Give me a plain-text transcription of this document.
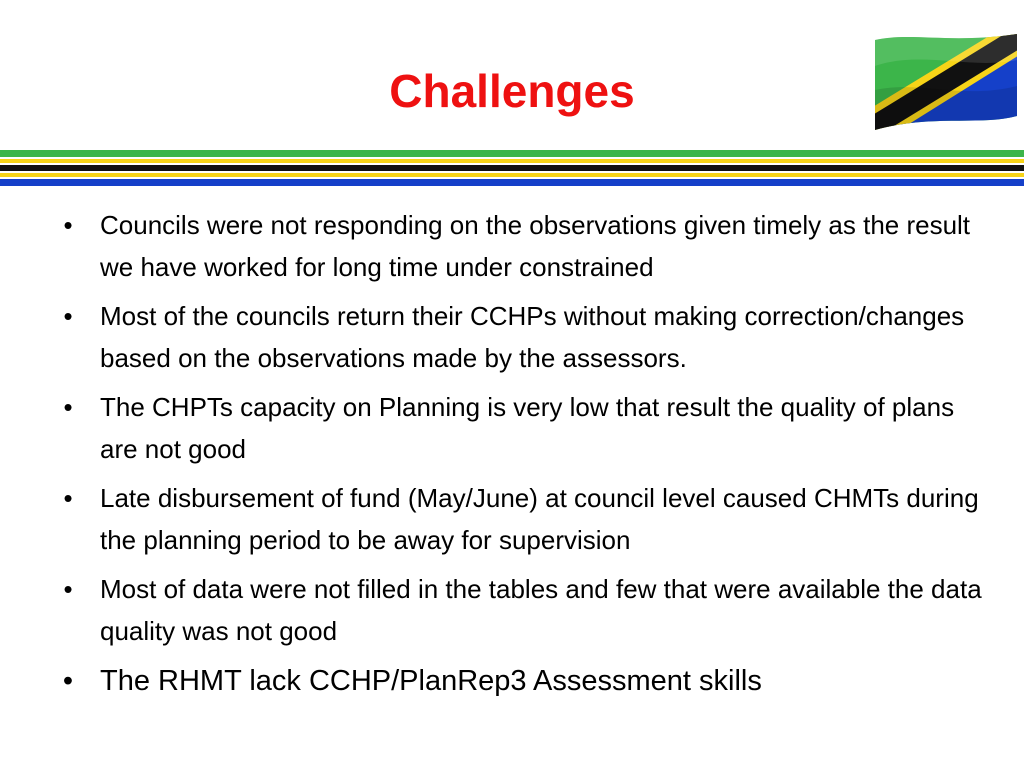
Challenges
• Councils were not responding on the observations given timely as the result we have worked for long time under constrained
• Most of the councils return their CCHPs without making correction/changes based on the observations made by the assessors.
• The CHPTs capacity on Planning is very low that result the quality of plans are not good
• Late disbursement of fund (May/June) at council level caused CHMTs during the planning period to be away for supervision
• Most of data were not filled in the tables and few that were available the data quality was not good
• The RHMT lack CCHP/PlanRep3 Assessment skills
